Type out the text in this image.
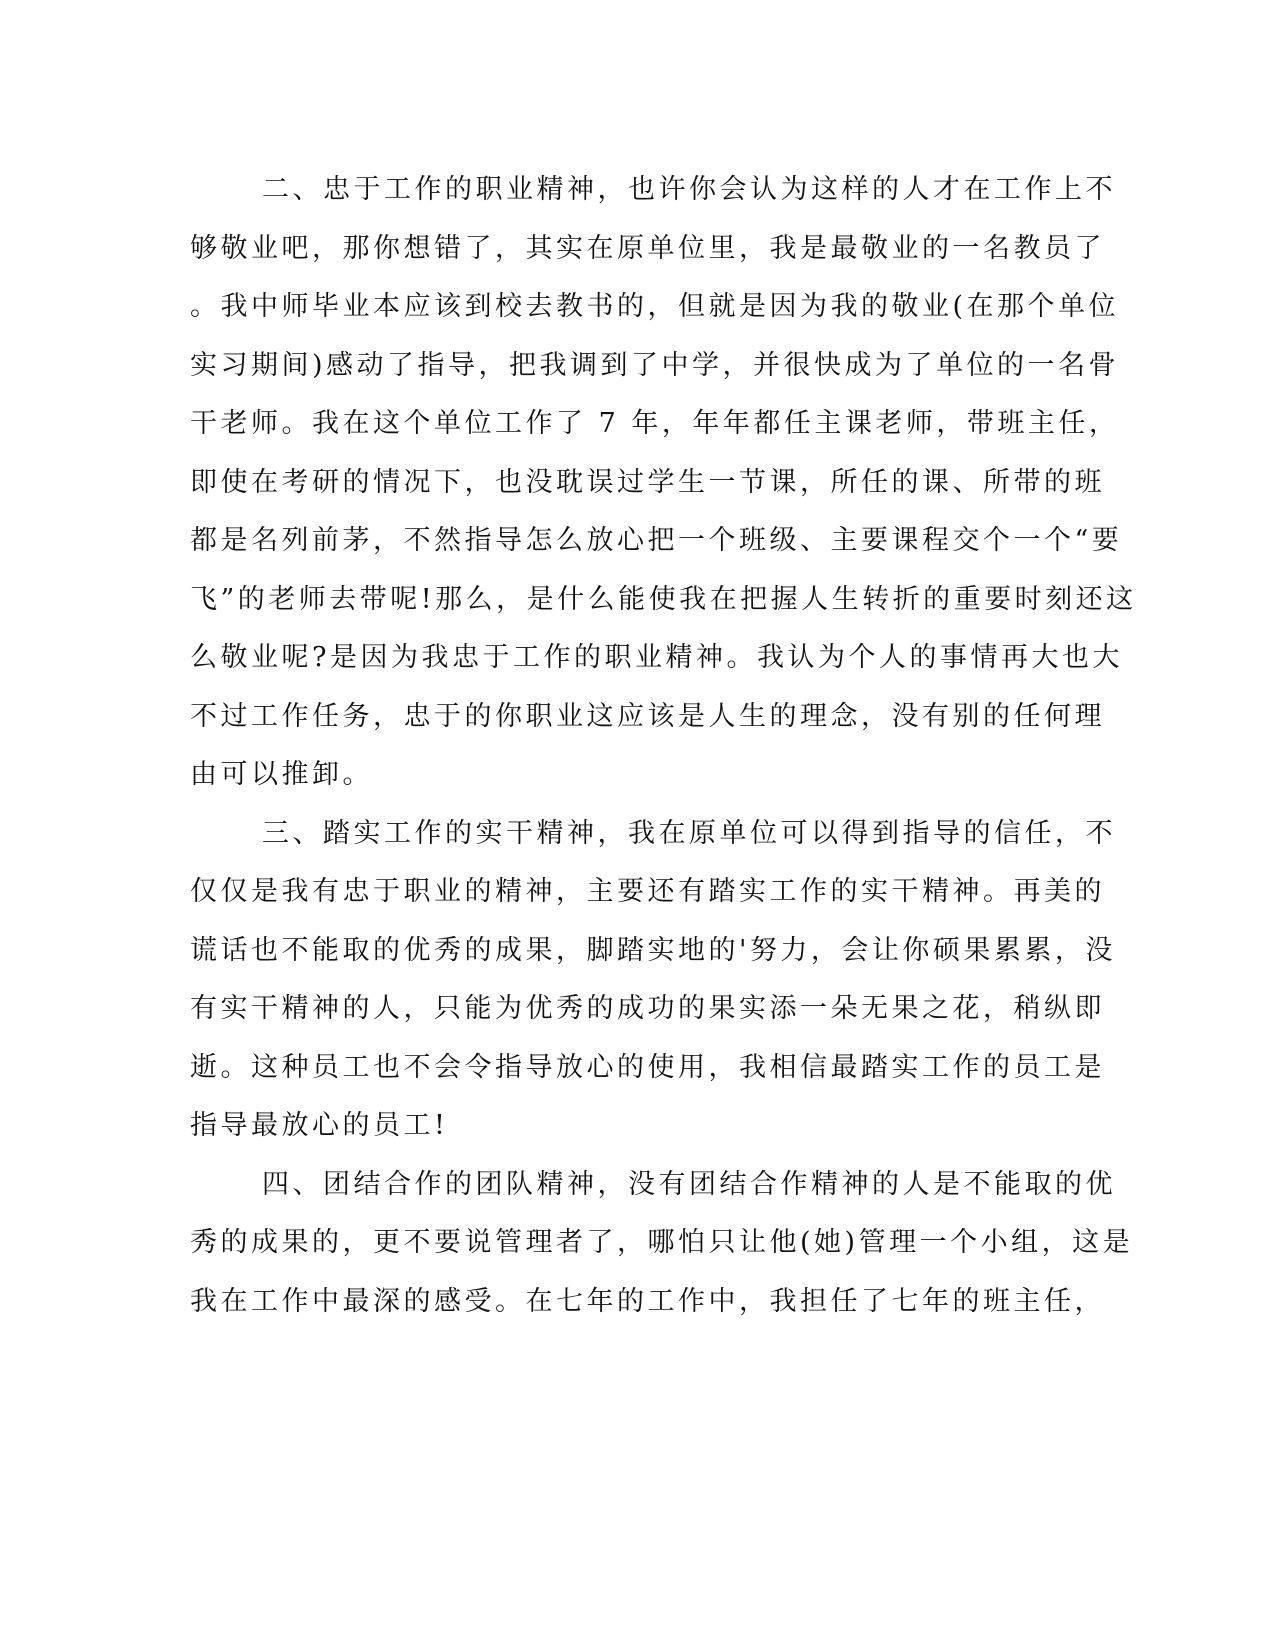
二、忠于工作的职业精神，也许你会认为这样的人才在工作上不
够敬业吧，那你想错了，其实在原单位里，我是最敬业的一名教员了
。我中师毕业本应该到校去教书的，但就是因为我的敬业(在那个单位
实习期间)感动了指导，把我调到了中学，并很快成为了单位的一名骨
干老师。我在这个单位工作了 7 年，年年都任主课老师，带班主任，
即使在考研的情况下，也没耽误过学生一节课，所任的课、所带的班
都是名列前茅，不然指导怎么放心把一个班级、主要课程交个一个“要
飞”的老师去带呢!那么，是什么能使我在把握人生转折的重要时刻还这
么敬业呢?是因为我忠于工作的职业精神。我认为个人的事情再大也大
不过工作任务，忠于的你职业这应该是人生的理念，没有别的任何理
由可以推卸。
三、踏实工作的实干精神，我在原单位可以得到指导的信任，不
仅仅是我有忠于职业的精神，主要还有踏实工作的实干精神。再美的
谎话也不能取的优秀的成果，脚踏实地的'努力，会让你硕果累累，没
有实干精神的人，只能为优秀的成功的果实添一朵无果之花，稍纵即
逝。这种员工也不会令指导放心的使用，我相信最踏实工作的员工是
指导最放心的员工!
四、团结合作的团队精神，没有团结合作精神的人是不能取的优
秀的成果的，更不要说管理者了，哪怕只让他(她)管理一个小组，这是
我在工作中最深的感受。在七年的工作中，我担任了七年的班主任，
